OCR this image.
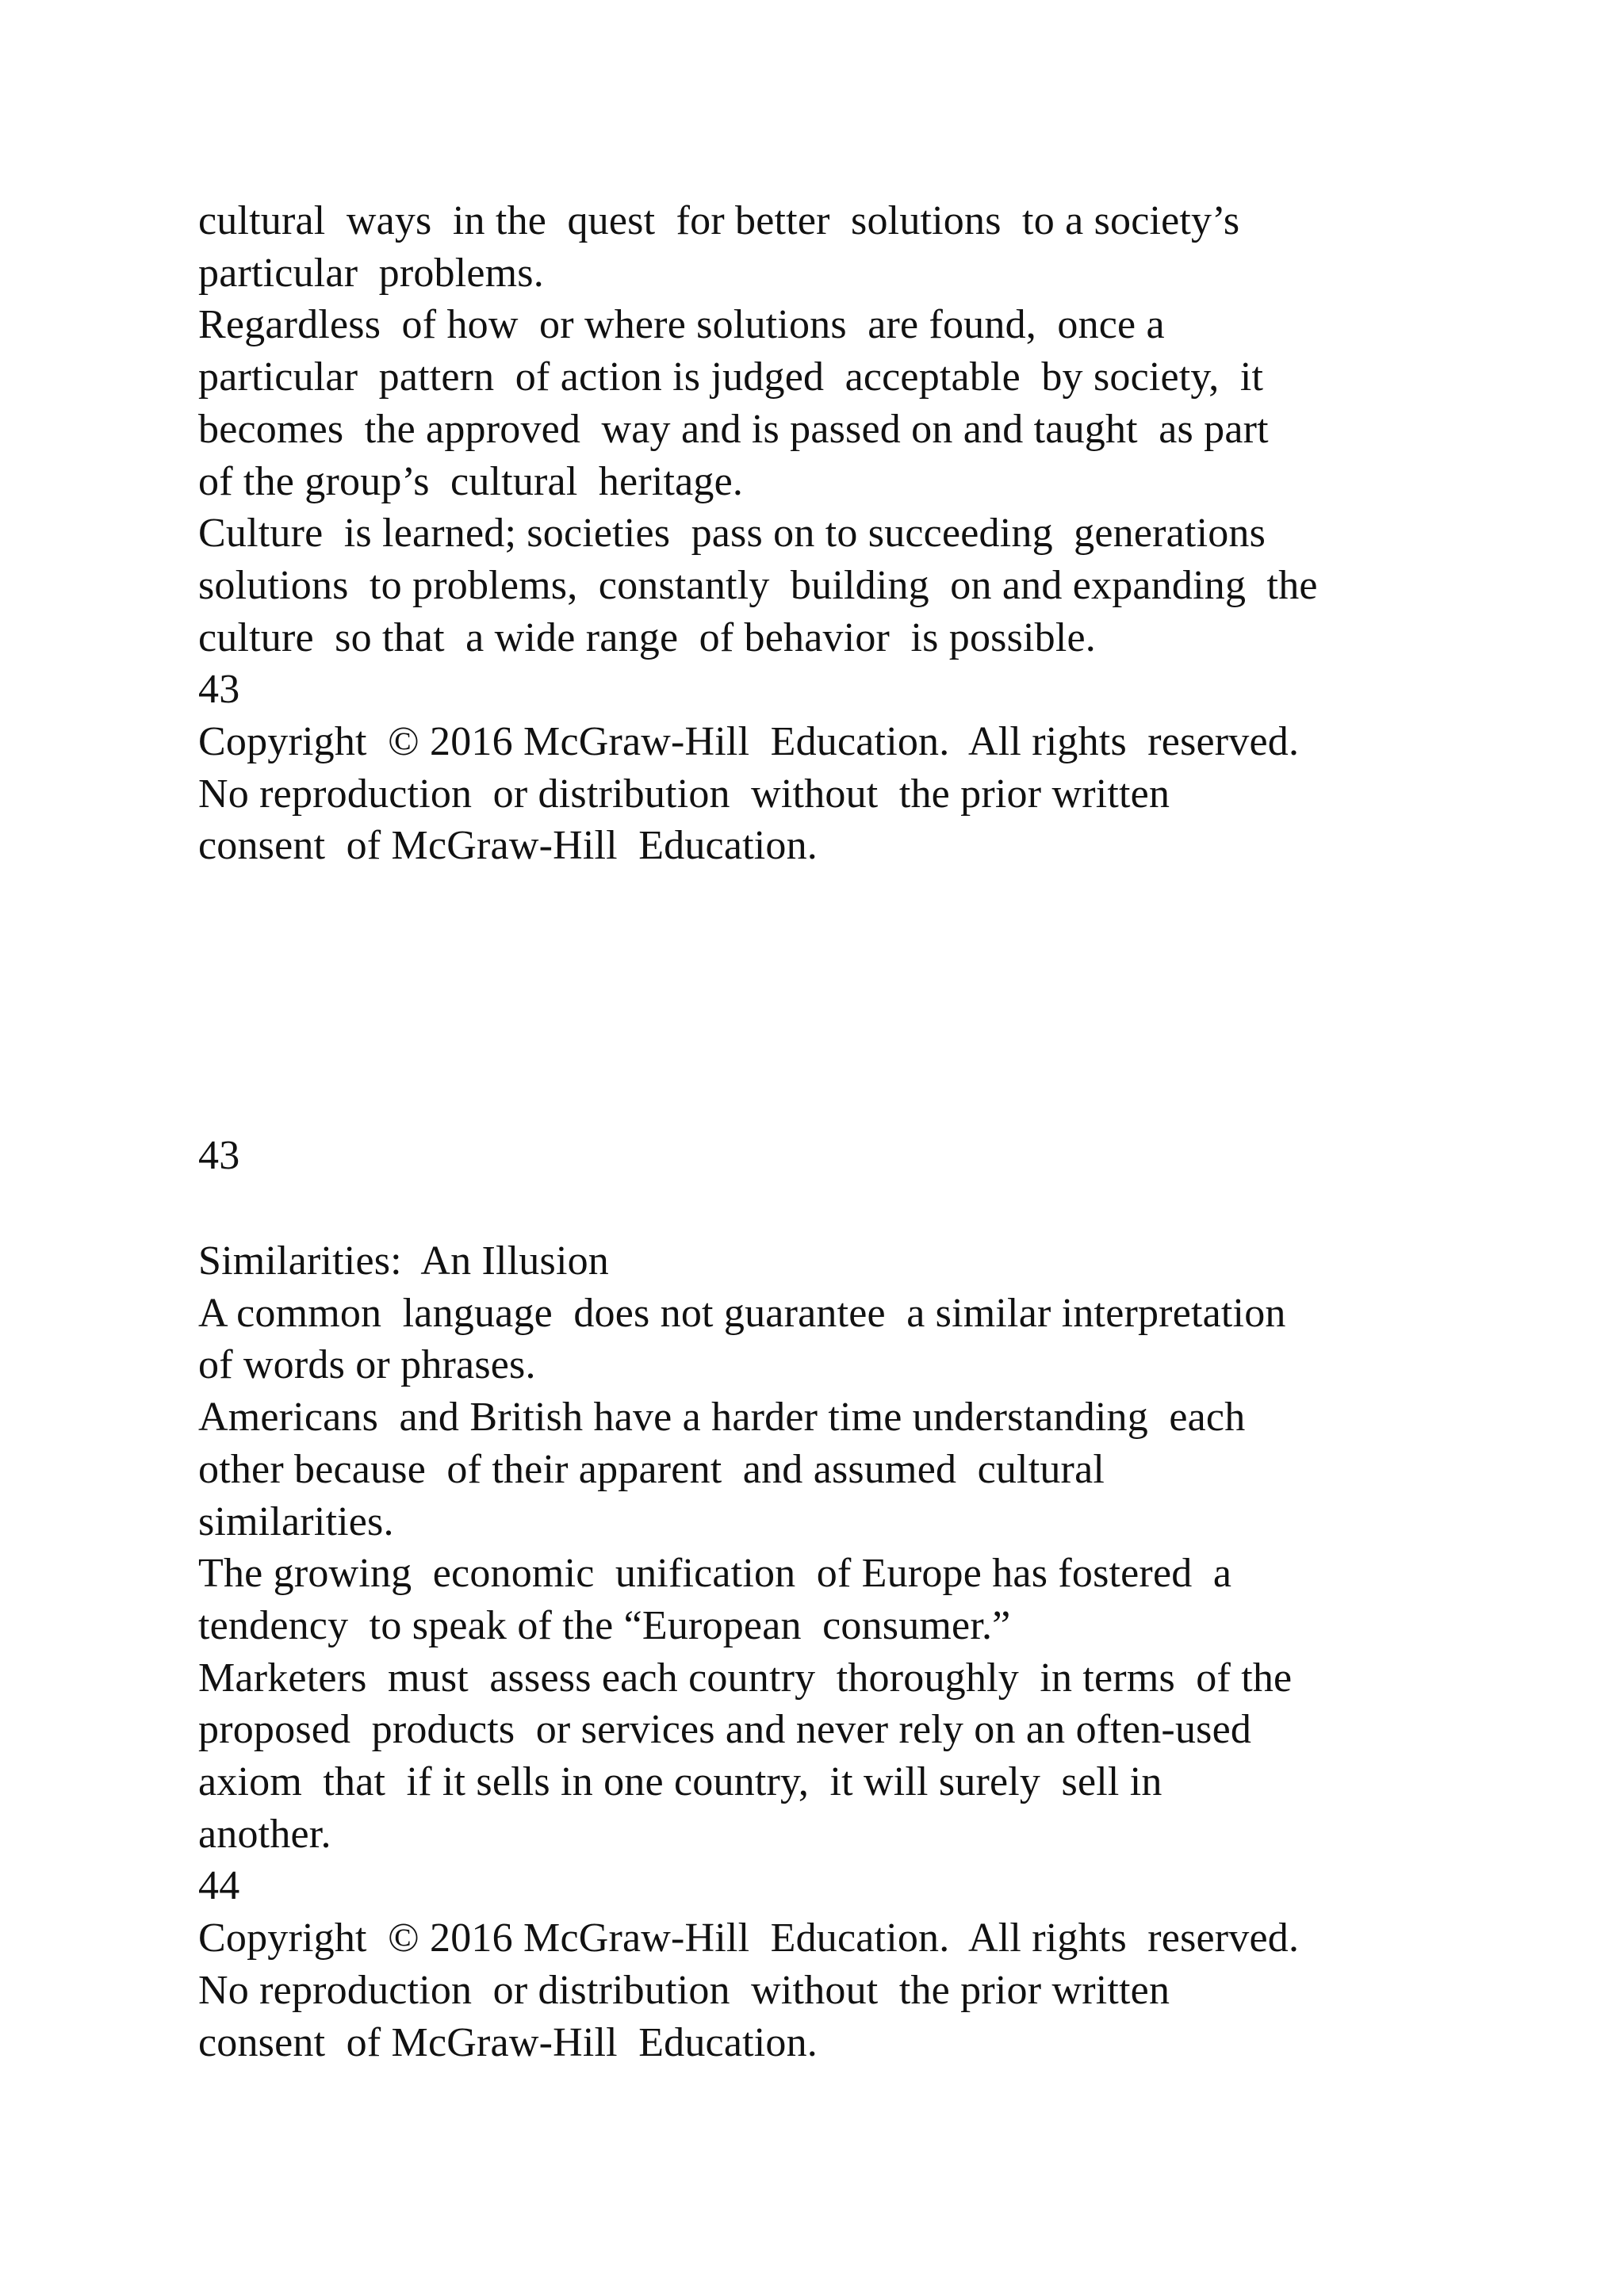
cultural  ways  in the  quest  for better  solutions  to a society’s
particular  problems.
Regardless  of how  or where solutions  are found,  once a
particular  pattern  of action is judged  acceptable  by society,  it
becomes  the approved  way and is passed on and taught  as part
of the group’s  cultural  heritage.
Culture  is learned; societies  pass on to succeeding  generations
solutions  to problems,  constantly  building  on and expanding  the
culture  so that  a wide range  of behavior  is possible.
43
Copyright  © 2016 McGraw-Hill  Education.  All rights  reserved.
No reproduction  or distribution  without  the prior written
consent  of McGraw-Hill  Education.
43
Similarities:  An Illusion
A common  language  does not guarantee  a similar interpretation
of words or phrases.
Americans  and British have a harder time understanding  each
other because  of their apparent  and assumed  cultural
similarities.
The growing  economic  unification  of Europe has fostered  a
tendency  to speak of the “European  consumer.”
Marketers  must  assess each country  thoroughly  in terms  of the
proposed  products  or services and never rely on an often-used
axiom  that  if it sells in one country,  it will surely  sell in
another.
44
Copyright  © 2016 McGraw-Hill  Education.  All rights  reserved.
No reproduction  or distribution  without  the prior written
consent  of McGraw-Hill  Education.
